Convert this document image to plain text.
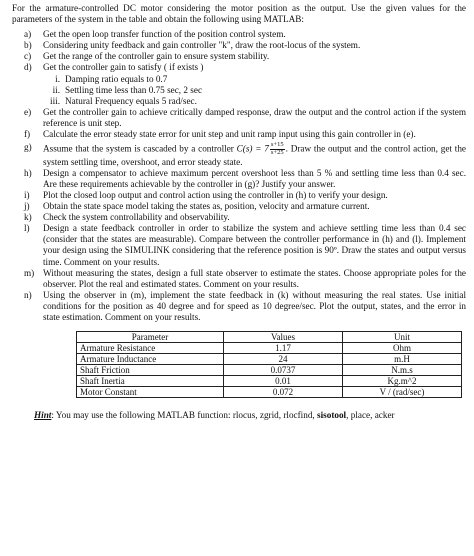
For the armature-controlled DC motor considering the motor position as the output. Use the given values for the parameters of the system in the table and obtain the following using MATLAB:

a) Get the open loop transfer function of the position control system.
b) Considering unity feedback and gain controller "k", draw the root-locus of the system.
c) Get the range of the controller gain to ensure system stability.
d) Get the controller gain to satisfy ( if exists )
i. Damping ratio equals to 0.7
ii. Settling time less than 0.75 sec, 2 sec
iii. Natural Frequency equals 5 rad/sec.
e) Get the controller gain to achieve critically damped response, draw the output and the control action if the system reference is unit step.
f) Calculate the error steady state error for unit step and unit ramp input using this gain controller in (e).
g) Assume that the system is cascaded by a controller $C(s) = 7 \frac{s+15}{s+25}$ . Draw the output and the control action, get the system settling time, overshoot, and error steady state.
h) Design a compensator to achieve maximum percent overshoot less than 5 % and settling time less than 0.4 sec. Are these requirements achievable by the controller in (g)? Justify your answer.
i) Plot the closed loop output and control action using the controller in (h) to verify your design.
j) Obtain the state space model taking the states as, position, velocity and armature current.
k) Check the system controllability and observability.
l) Design a state feedback controller in order to stabilize the system and achieve settling time less than 0.4 sec (consider that the states are measurable). Compare between the controller performance in (h) and (l). Implement your design using the SIMULINK considering that the reference position is 90º. Draw the states and output versus time. Comment on your results.
m) Without measuring the states, design a full state observer to estimate the states. Choose appropriate poles for the observer. Plot the real and estimated states. Comment on your results.
n) Using the observer in (m), implement the state feedback in (k) without measuring the real states. Use initial conditions for the position as 40 degree and for speed as 10 degree/sec. Plot the output, states, and the error in state estimation. Comment on your results.
Parameter	Values	Unit
Armature Resistance	1.17	Ohm
Armature Inductance	24	m.H
Shaft Friction	0.0737	N.m.s
Shaft Inertia	0.01	Kg.m^2
Motor Constant	0.072	V / (rad/sec)

Hint: You may use the following MATLAB function: rlocus, zgrid, rlocfind, sisotool, place, acker
